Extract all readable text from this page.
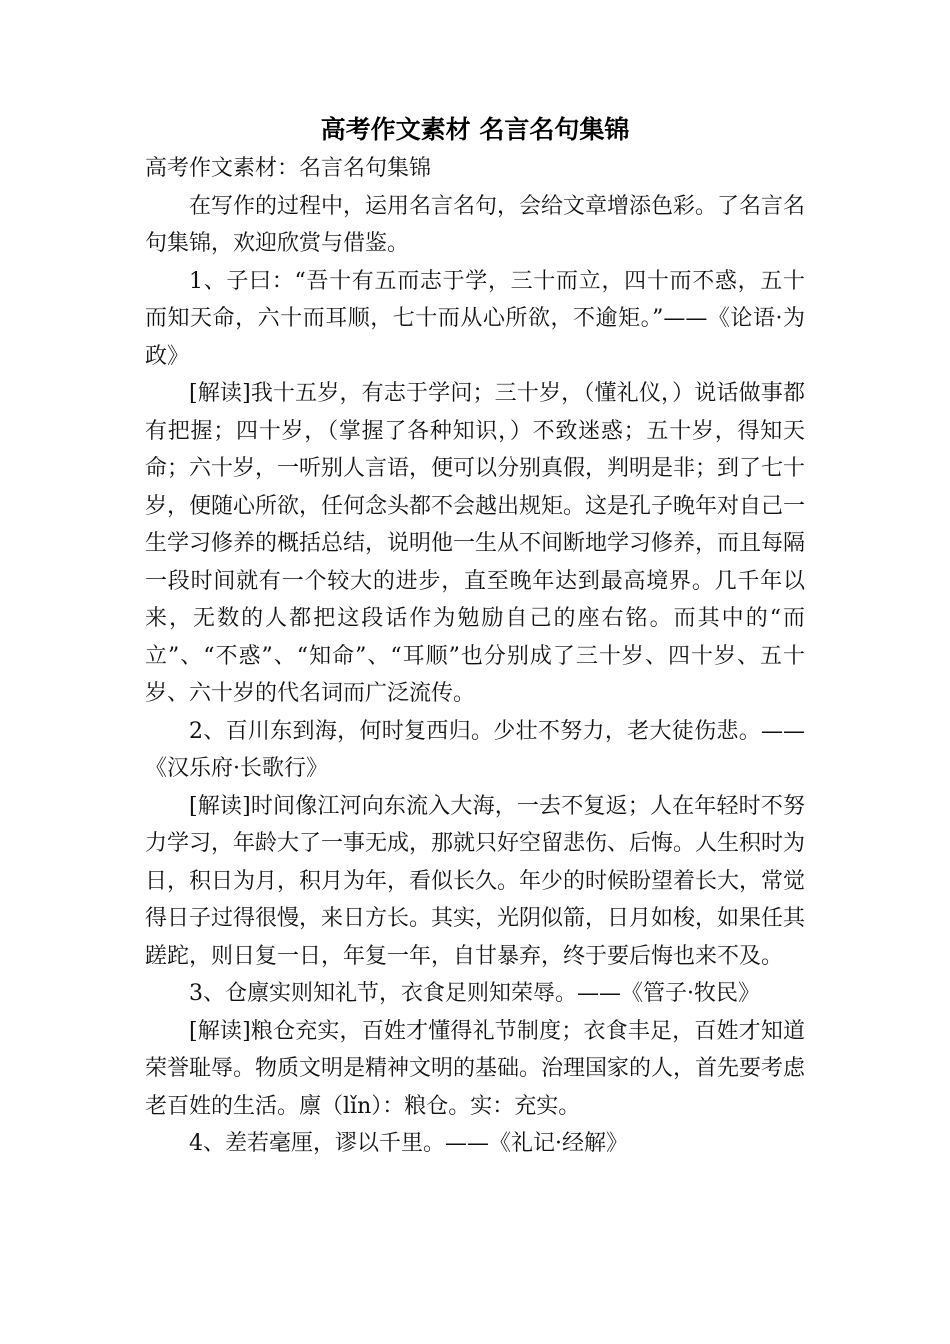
高考作文素材 名言名句集锦

高考作文素材：名言名句集锦

在写作的过程中，运用名言名句，会给文章增添色彩。了名言名句集锦，欢迎欣赏与借鉴。

1、子曰：“吾十有五而志于学，三十而立，四十而不惑，五十而知天命，六十而耳顺，七十而从心所欲，不逾矩。”——《论语·为政》

[解读]我十五岁，有志于学问；三十岁，（懂礼仪，）说话做事都有把握；四十岁，（掌握了各种知识，）不致迷惑；五十岁，得知天命；六十岁，一听别人言语，便可以分别真假，判明是非；到了七十岁，便随心所欲，任何念头都不会越出规矩。这是孔子晚年对自己一生学习修养的概括总结，说明他一生从不间断地学习修养，而且每隔一段时间就有一个较大的进步，直至晚年达到最高境界。几千年以来，无数的人都把这段话作为勉励自己的座右铭。而其中的“而立”、“不惑”、“知命”、“耳顺”也分别成了三十岁、四十岁、五十岁、六十岁的代名词而广泛流传。

2、百川东到海，何时复西归。少壮不努力，老大徒伤悲。——《汉乐府·长歌行》

[解读]时间像江河向东流入大海，一去不复返；人在年轻时不努力学习，年龄大了一事无成，那就只好空留悲伤、后悔。人生积时为日，积日为月，积月为年，看似长久。年少的时候盼望着长大，常觉得日子过得很慢，来日方长。其实，光阴似箭，日月如梭，如果任其蹉跎，则日复一日，年复一年，自甘暴弃，终于要后悔也来不及。

3、仓廪实则知礼节，衣食足则知荣辱。——《管子·牧民》

[解读]粮仓充实，百姓才懂得礼节制度；衣食丰足，百姓才知道荣誉耻辱。物质文明是精神文明的基础。治理国家的人，首先要考虑老百姓的生活。廪（lǐn）：粮仓。实：充实。

4、差若毫厘，谬以千里。——《礼记·经解》
